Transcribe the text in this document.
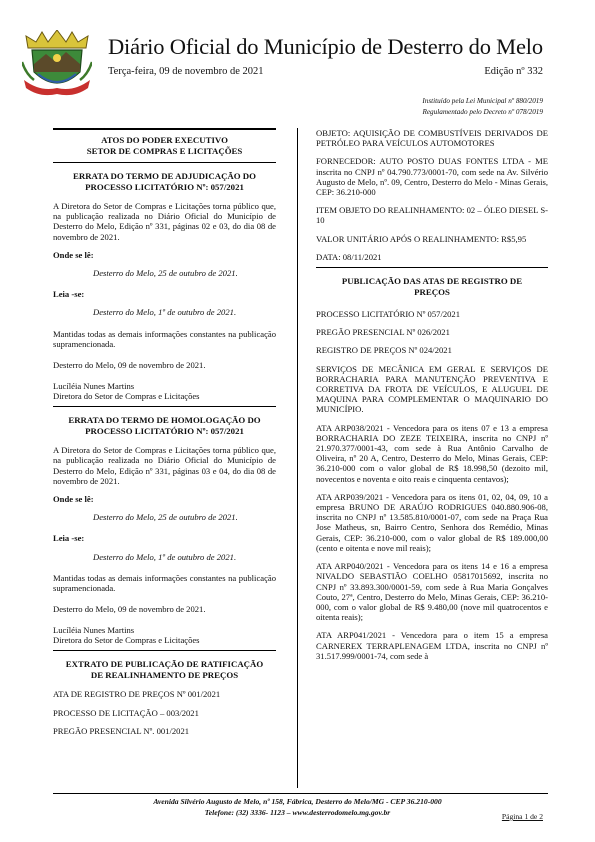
Diário Oficial do Município de Desterro do Melo
Terça-feira, 09 de novembro de 2021	Edição nº 332
Instituído pela Lei Municipal nº 880/2019
Regulamentado pelo Decreto nº 078/2019
ATOS DO PODER EXECUTIVO
SETOR DE COMPRAS E LICITAÇÕES
ERRATA DO TERMO DE ADJUDICAÇÃO DO
PROCESSO LICITATÓRIO Nº: 057/2021

A Diretora do Setor de Compras e Licitações torna público que, na publicação realizada no Diário Oficial do Município de Desterro do Melo, Edição nº 331, páginas 02 e 03, do dia 08 de novembro de 2021.

Onde se lê:

Desterro do Melo, 25 de outubro de 2021.

Leia -se:

Desterro do Melo, 1º de outubro de 2021.

Mantidas todas as demais informações constantes na publicação supramencionada.

Desterro do Melo, 09 de novembro de 2021.

Lucíléia Nunes Martins

Diretora do Setor de Compras e Licitações

ERRATA DO TERMO DE HOMOLOGAÇÃO DO
PROCESSO LICITATÓRIO Nº: 057/2021

A Diretora do Setor de Compras e Licitações torna público que, na publicação realizada no Diário Oficial do Município de Desterro do Melo, Edição nº 331, páginas 03 e 04, do dia 08 de novembro de 2021.

Onde se lê:

Desterro do Melo, 25 de outubro de 2021.

Leia -se:

Desterro do Melo, 1º de outubro de 2021.

Mantidas todas as demais informações constantes na publicação supramencionada.

Desterro do Melo, 09 de novembro de 2021.

Lucíléia Nunes Martins

Diretora do Setor de Compras e Licitações

EXTRATO DE PUBLICAÇÃO DE RATIFICAÇÃO
DE REALINHAMENTO DE PREÇOS

ATA DE REGISTRO DE PREÇOS Nº 001/2021

PROCESSO DE LICITAÇÃO – 003/2021

PREGÃO PRESENCIAL Nº. 001/2021

OBJETO: AQUISIÇÃO DE COMBUSTÍVEIS DERIVADOS DE PETRÓLEO PARA VEÍCULOS AUTOMOTORES

FORNECEDOR: AUTO POSTO DUAS FONTES LTDA - ME inscrita no CNPJ nº 04.790.773/0001-70, com sede na Av. Silvério Augusto de Melo, nº. 09, Centro, Desterro do Melo - Minas Gerais, CEP: 36.210-000

ITEM OBJETO DO REALINHAMENTO: 02 – ÓLEO DIESEL S-10

VALOR UNITÁRIO APÓS O REALINHAMENTO: R$5,95

DATA: 08/11/2021

PUBLICAÇÃO DAS ATAS DE REGISTRO DE
PREÇOS

PROCESSO LICITATÓRIO Nº 057/2021

PREGÃO PRESENCIAL Nº 026/2021

REGISTRO DE PREÇOS Nº 024/2021

SERVIÇOS DE MECÂNICA EM GERAL E SERVIÇOS DE BORRACHARIA PARA MANUTENÇÃO PREVENTIVA E CORRETIVA DA FROTA DE VEÍCULOS, E ALUGUEL DE MAQUINA PARA COMPLEMENTAR O MAQUINARIO DO MUNICÍPIO.

ATA ARP038/2021 - Vencedora para os itens 07 e 13 a empresa BORRACHARIA DO ZEZE TEIXEIRA, inscrita no CNPJ nº 21.970.377/0001-43, com sede à Rua Antônio Carvalho de Oliveira, nº 20 A, Centro, Desterro do Melo, Minas Gerais, CEP: 36.210-000 com o valor global de R$ 18.998,50 (dezoito mil, novecentos e noventa e oito reais e cinquenta centavos);

ATA ARP039/2021 - Vencedora para os itens 01, 02, 04, 09, 10 a empresa BRUNO DE ARAÚJO RODRIGUES 040.880.906-08, inscrita no CNPJ nº 13.585.810/0001-07, com sede na Praça Rua Jose Matheus, sn, Bairro Centro, Senhora dos Remédio, Minas Gerais, CEP: 36.210-000, com o valor global de R$ 189.000,00 (cento e oitenta e nove mil reais);

ATA ARP040/2021 - Vencedora para os itens 14 e 16 a empresa NIVALDO SEBASTIÃO COELHO 05817015692, inscrita no CNPJ nº 33.893.300/0001-59, com sede à Rua Maria Gonçalves Couto, 27ª, Centro, Desterro do Melo, Minas Gerais, CEP: 36.210-000, com o valor global de R$ 9.480,00 (nove mil quatrocentos e oitenta reais);

ATA ARP041/2021 - Vencedora para o item 15 a empresa CARNEREX TERRAPLENAGEM LTDA, inscrita no CNPJ nº 31.517.999/0001-74, com sede à

Avenida Silvério Augusto de Melo, nº 158, Fábrica, Desterro do Melo/MG - CEP 36.210-000
Telefone: (32) 3336- 1123 – www.desterrodomelo.mg.gov.br	Página 1 de 2
